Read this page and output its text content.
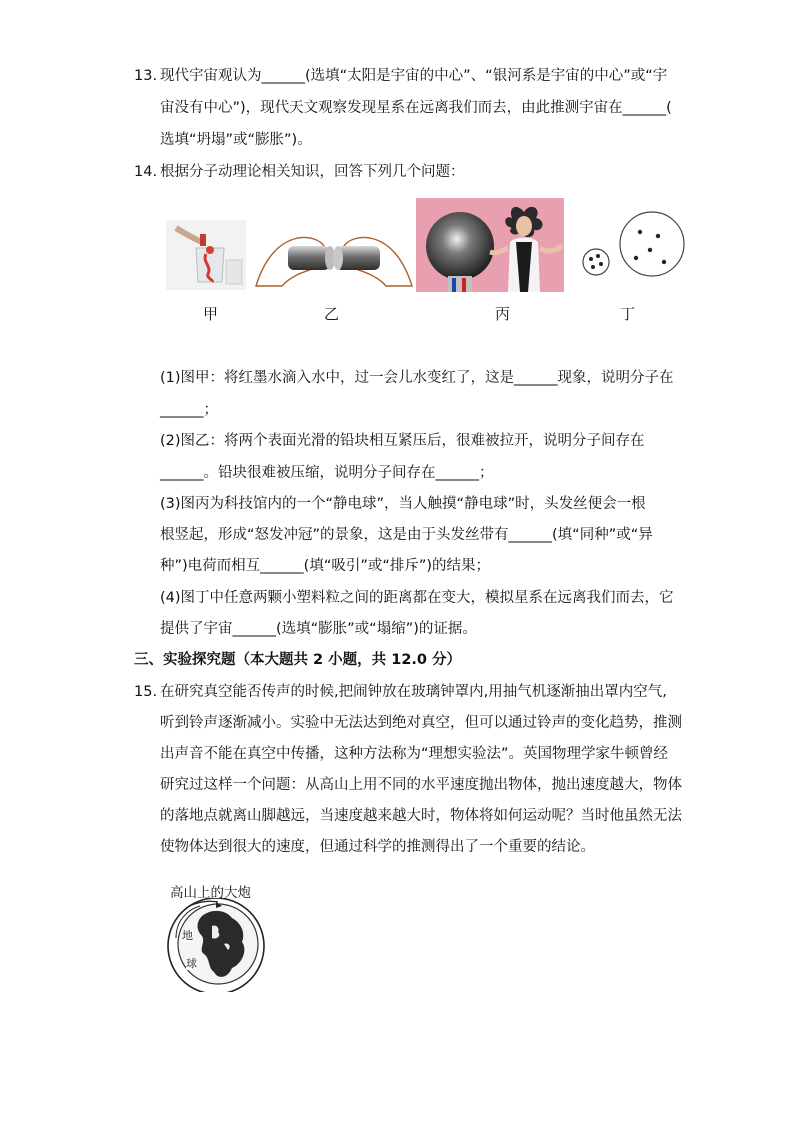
13. 现代宇宙观认为______(选填“太阳是宇宙的中心”、“银河系是宇宙的中心”或“宇
宙没有中心”)，现代天文观察发现星系在远离我们而去，由此推测宇宙在______(
选填“坍塌”或“膨胀”)。
14. 根据分子动理论相关知识，回答下列几个问题：
甲	乙	丙	丁
(1)图甲：将红墨水滴入水中，过一会儿水变红了，这是______现象，说明分子在
______；
(2)图乙：将两个表面光滑的铅块相互紧压后，很难被拉开，说明分子间存在
______。铅块很难被压缩，说明分子间存在______；
(3)图丙为科技馆内的一个“静电球”，当人触摸“静电球”时，头发丝便会一根
根竖起，形成“怒发冲冠”的景象，这是由于头发丝带有______(填“同种”或“异
种”)电荷而相互______(填“吸引”或“排斥”)的结果；
(4)图丁中任意两颗小塑料粒之间的距离都在变大，模拟星系在远离我们而去，它
提供了宇宙______(选填“膨胀”或“塌缩”)的证据。
三、实验探究题（本大题共 2 小题，共 12.0 分）
15. 在研究真空能否传声的时候,把闹钟放在玻璃钟罩内,用抽气机逐渐抽出罩内空气,
听到铃声逐渐减小。实验中无法达到绝对真空，但可以通过铃声的变化趋势，推测
出声音不能在真空中传播，这种方法称为“理想实验法”。英国物理学家牛顿曾经
研究过这样一个问题：从高山上用不同的水平速度抛出物体，抛出速度越大，物体
的落地点就离山脚越远，当速度越来越大时，物体将如何运动呢？当时他虽然无法
使物体达到很大的速度，但通过科学的推测得出了一个重要的结论。
高山上的大炮
地
球
